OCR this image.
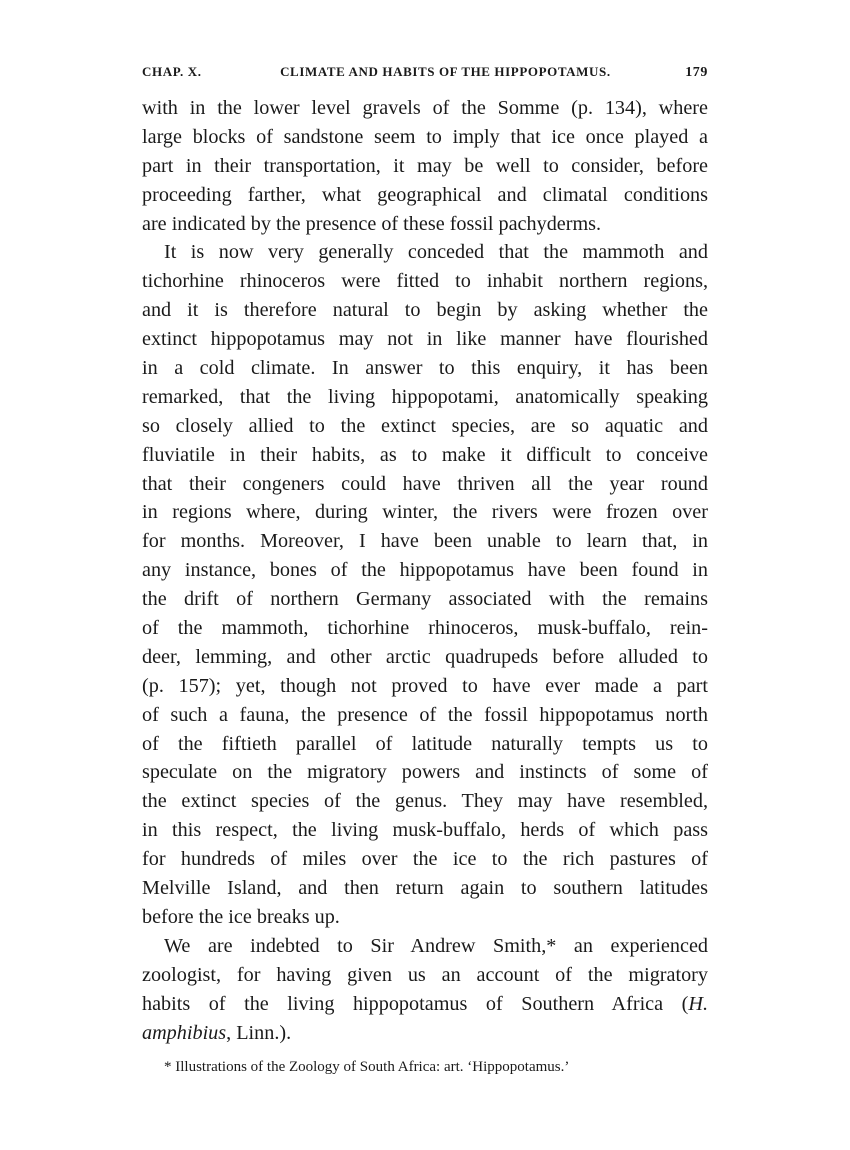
CHAP. X.	CLIMATE AND HABITS OF THE HIPPOPOTAMUS.	179
with in the lower level gravels of the Somme (p. 134), where
large blocks of sandstone seem to imply that ice once played a
part in their transportation, it may be well to consider, before
proceeding farther, what geographical and climatal conditions
are indicated by the presence of these fossil pachyderms.
It is now very generally conceded that the mammoth and
tichorhine rhinoceros were fitted to inhabit northern regions,
and it is therefore natural to begin by asking whether the
extinct hippopotamus may not in like manner have flourished
in a cold climate. In answer to this enquiry, it has been
remarked, that the living hippopotami, anatomically speaking
so closely allied to the extinct species, are so aquatic and
fluviatile in their habits, as to make it difficult to conceive
that their congeners could have thriven all the year round
in regions where, during winter, the rivers were frozen over
for months. Moreover, I have been unable to learn that, in
any instance, bones of the hippopotamus have been found in
the drift of northern Germany associated with the remains
of the mammoth, tichorhine rhinoceros, musk-buffalo, rein-
deer, lemming, and other arctic quadrupeds before alluded to
(p. 157); yet, though not proved to have ever made a part
of such a fauna, the presence of the fossil hippopotamus north
of the fiftieth parallel of latitude naturally tempts us to
speculate on the migratory powers and instincts of some of
the extinct species of the genus. They may have resembled,
in this respect, the living musk-buffalo, herds of which pass
for hundreds of miles over the ice to the rich pastures of
Melville Island, and then return again to southern latitudes
before the ice breaks up.
We are indebted to Sir Andrew Smith,* an experienced
zoologist, for having given us an account of the migratory
habits of the living hippopotamus of Southern Africa (H.
amphibius, Linn.).
* Illustrations of the Zoology of South Africa: art. ‘Hippopotamus.’
